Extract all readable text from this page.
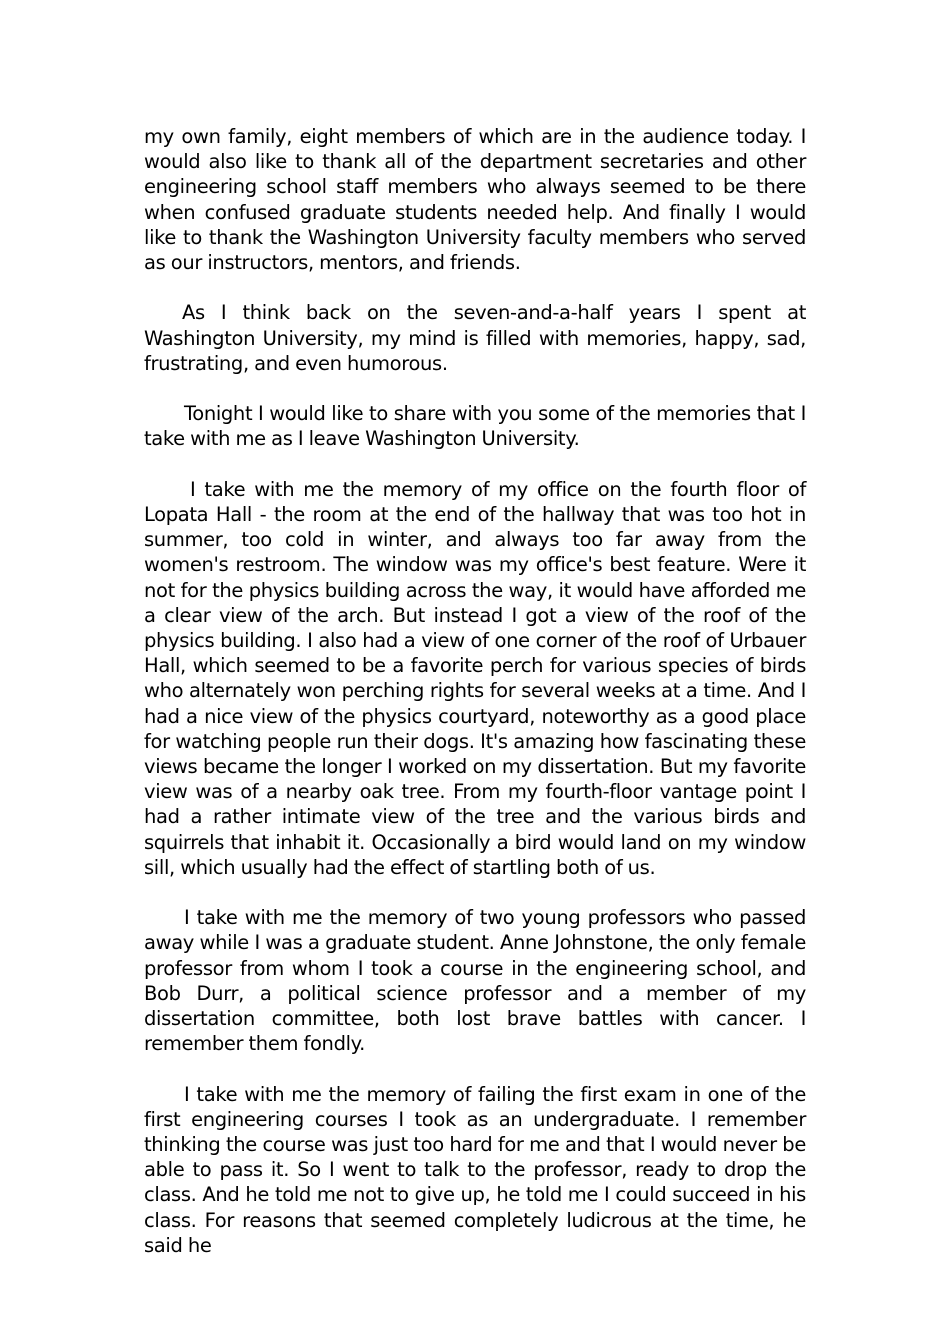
my own family, eight members of which are in the audience today. I would also like to thank all of the department secretaries and other engineering school staff members who always seemed to be there when confused graduate students needed help. And finally I would like to thank the Washington University faculty members who served as our instructors, mentors, and friends.

As I think back on the seven-and-a-half years I spent at Washington University, my mind is filled with memories, happy, sad, frustrating, and even humorous.

Tonight I would like to share with you some of the memories that I take with me as I leave Washington University.

I take with me the memory of my office on the fourth floor of Lopata Hall - the room at the end of the hallway that was too hot in summer, too cold in winter, and always too far away from the women's restroom. The window was my office's best feature. Were it not for the physics building across the way, it would have afforded me a clear view of the arch. But instead I got a view of the roof of the physics building. I also had a view of one corner of the roof of Urbauer Hall, which seemed to be a favorite perch for various species of birds who alternately won perching rights for several weeks at a time. And I had a nice view of the physics courtyard, noteworthy as a good place for watching people run their dogs. It's amazing how fascinating these views became the longer I worked on my dissertation. But my favorite view was of a nearby oak tree. From my fourth-floor vantage point I had a rather intimate view of the tree and the various birds and squirrels that inhabit it. Occasionally a bird would land on my window sill, which usually had the effect of startling both of us.

I take with me the memory of two young professors who passed away while I was a graduate student. Anne Johnstone, the only female professor from whom I took a course in the engineering school, and Bob Durr, a political science professor and a member of my dissertation committee, both lost brave battles with cancer. I remember them fondly.

I take with me the memory of failing the first exam in one of the first engineering courses I took as an undergraduate. I remember thinking the course was just too hard for me and that I would never be able to pass it. So I went to talk to the professor, ready to drop the class. And he told me not to give up, he told me I could succeed in his class. For reasons that seemed completely ludicrous at the time, he said he
